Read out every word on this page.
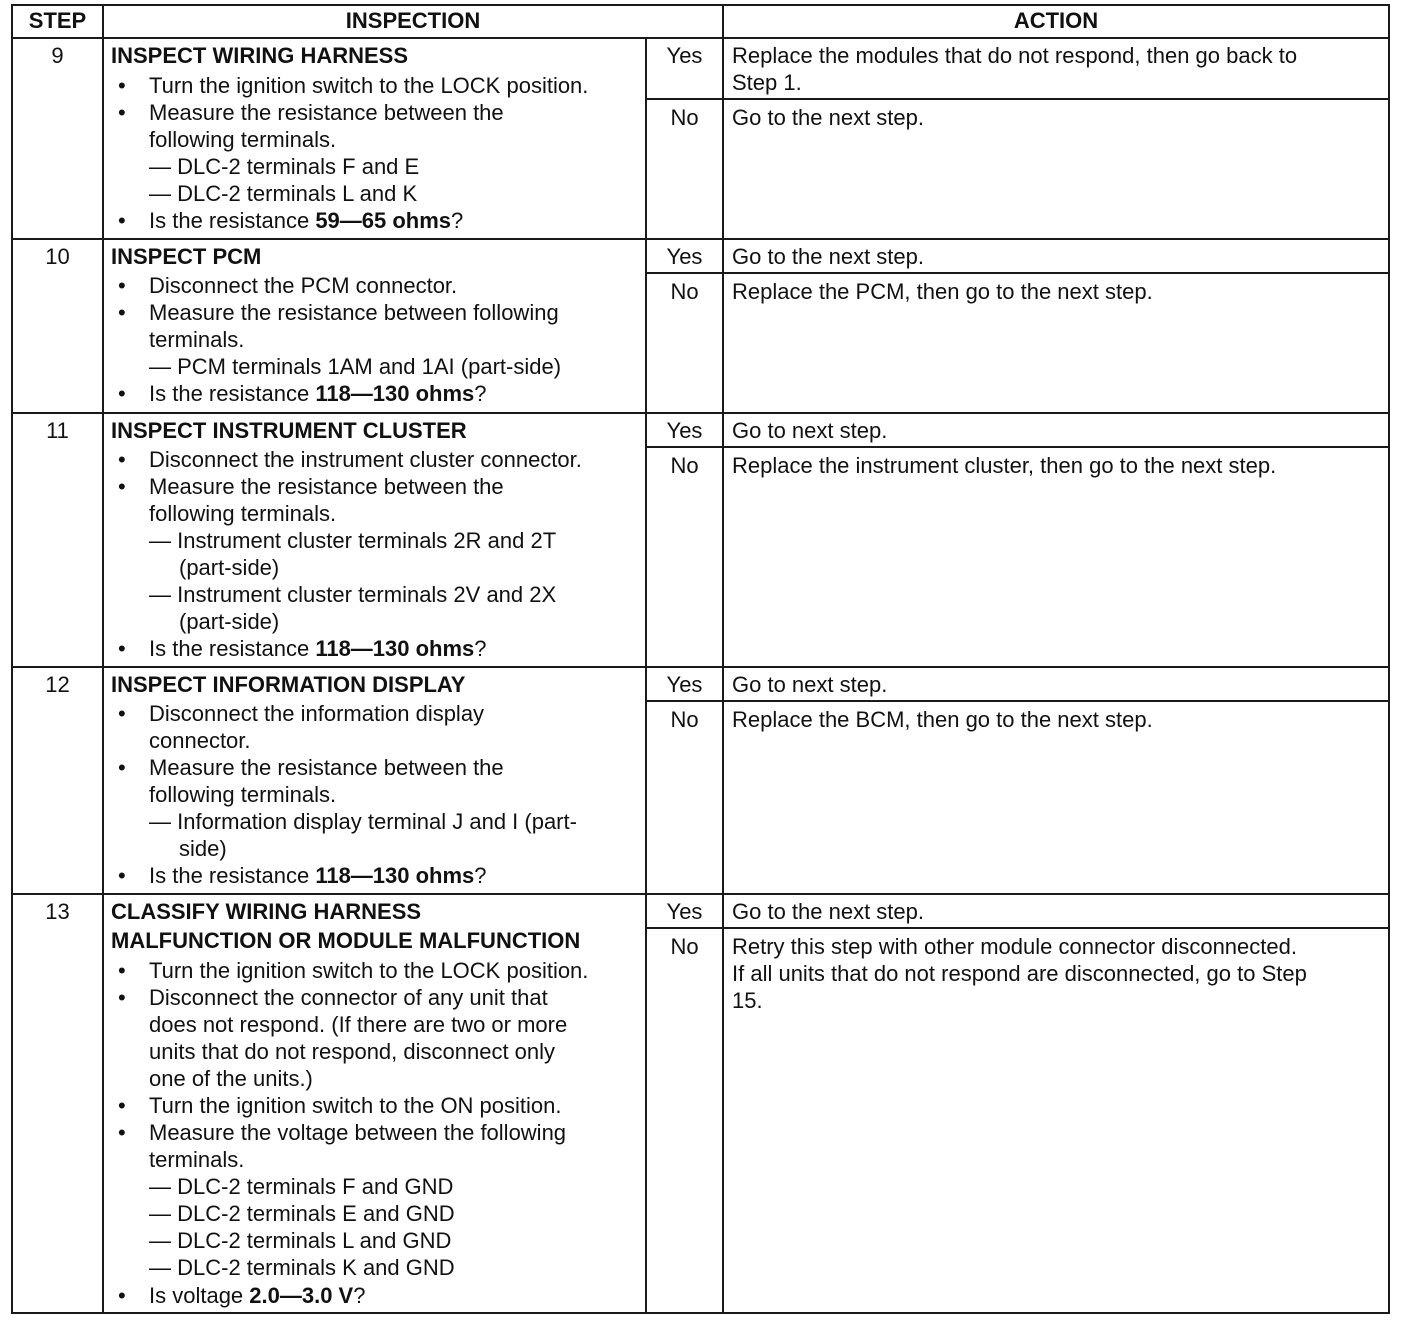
STEP	INSPECTION	ACTION
9	INSPECT WIRING HARNESS
• Turn the ignition switch to the LOCK position.
• Measure the resistance between the
following terminals.
— DLC-2 terminals F and E
— DLC-2 terminals L and K
• Is the resistance 59—65 ohms?
Yes	Replace the modules that do not respond, then go back to
Step 1.
No	Go to the next step.
10	INSPECT PCM
• Disconnect the PCM connector.
• Measure the resistance between following
terminals.
— PCM terminals 1AM and 1AI (part-side)
• Is the resistance 118—130 ohms?
Yes	Go to the next step.
No	Replace the PCM, then go to the next step.
11	INSPECT INSTRUMENT CLUSTER
• Disconnect the instrument cluster connector.
• Measure the resistance between the
following terminals.
— Instrument cluster terminals 2R and 2T
(part-side)
— Instrument cluster terminals 2V and 2X
(part-side)
• Is the resistance 118—130 ohms?
Yes	Go to next step.
No	Replace the instrument cluster, then go to the next step.
12	INSPECT INFORMATION DISPLAY
• Disconnect the information display
connector.
• Measure the resistance between the
following terminals.
— Information display terminal J and I (part-
side)
• Is the resistance 118—130 ohms?
Yes	Go to next step.
No	Replace the BCM, then go to the next step.
13	CLASSIFY WIRING HARNESS
MALFUNCTION OR MODULE MALFUNCTION
• Turn the ignition switch to the LOCK position.
• Disconnect the connector of any unit that
does not respond. (If there are two or more
units that do not respond, disconnect only
one of the units.)
• Turn the ignition switch to the ON position.
• Measure the voltage between the following
terminals.
— DLC-2 terminals F and GND
— DLC-2 terminals E and GND
— DLC-2 terminals L and GND
— DLC-2 terminals K and GND
• Is voltage 2.0—3.0 V?
Yes	Go to the next step.
No	Retry this step with other module connector disconnected.
If all units that do not respond are disconnected, go to Step
15.
